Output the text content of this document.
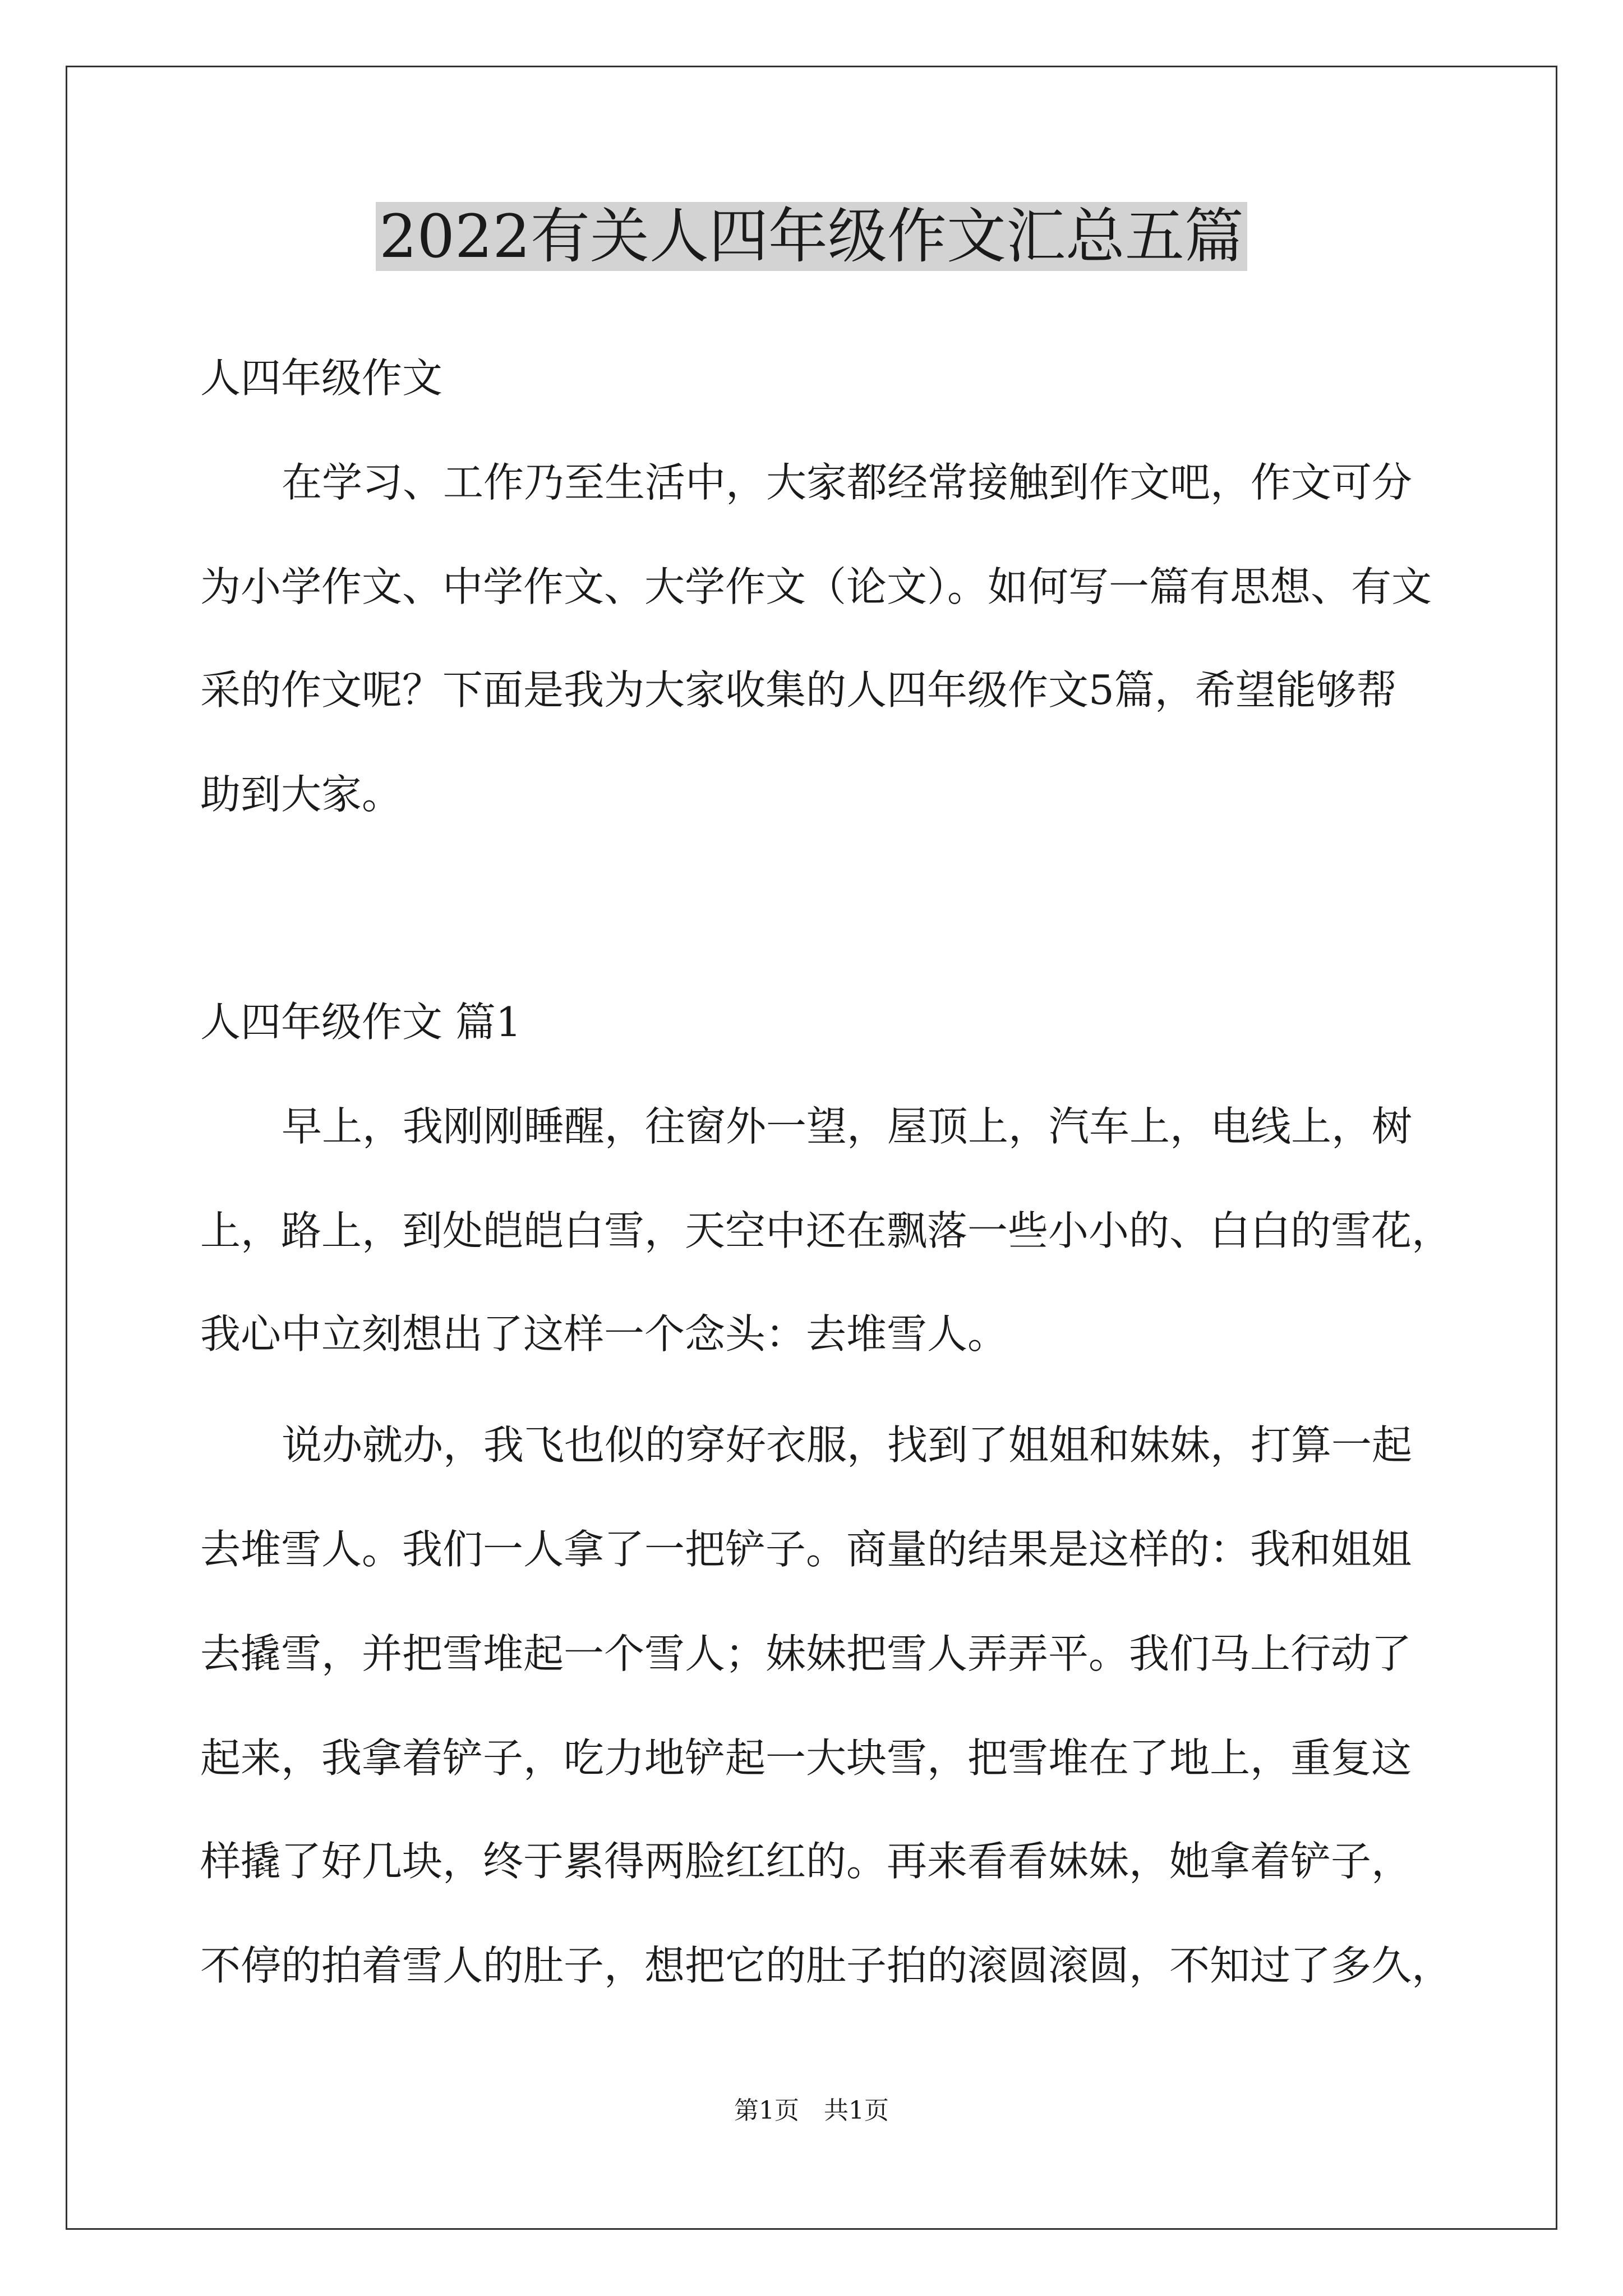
2022有关人四年级作文汇总五篇

人四年级作文

在学习、工作乃至生活中，大家都经常接触到作文吧，作文可分

为小学作文、中学作文、大学作文（论文）。如何写一篇有思想、有文

采的作文呢？下面是我为大家收集的人四年级作文5篇，希望能够帮

助到大家。

人四年级作文 篇1

早上，我刚刚睡醒，往窗外一望，屋顶上，汽车上，电线上，树

上，路上，到处皑皑白雪，天空中还在飘落一些小小的、白白的雪花，

我心中立刻想出了这样一个念头：去堆雪人。

说办就办，我飞也似的穿好衣服，找到了姐姐和妹妹，打算一起

去堆雪人。我们一人拿了一把铲子。商量的结果是这样的：我和姐姐

去撬雪，并把雪堆起一个雪人；妹妹把雪人弄弄平。我们马上行动了

起来，我拿着铲子，吃力地铲起一大块雪，把雪堆在了地上，重复这

样撬了好几块，终于累得两脸红红的。再来看看妹妹，她拿着铲子，

不停的拍着雪人的肚子，想把它的肚子拍的滚圆滚圆，不知过了多久，

第1页　共1页
